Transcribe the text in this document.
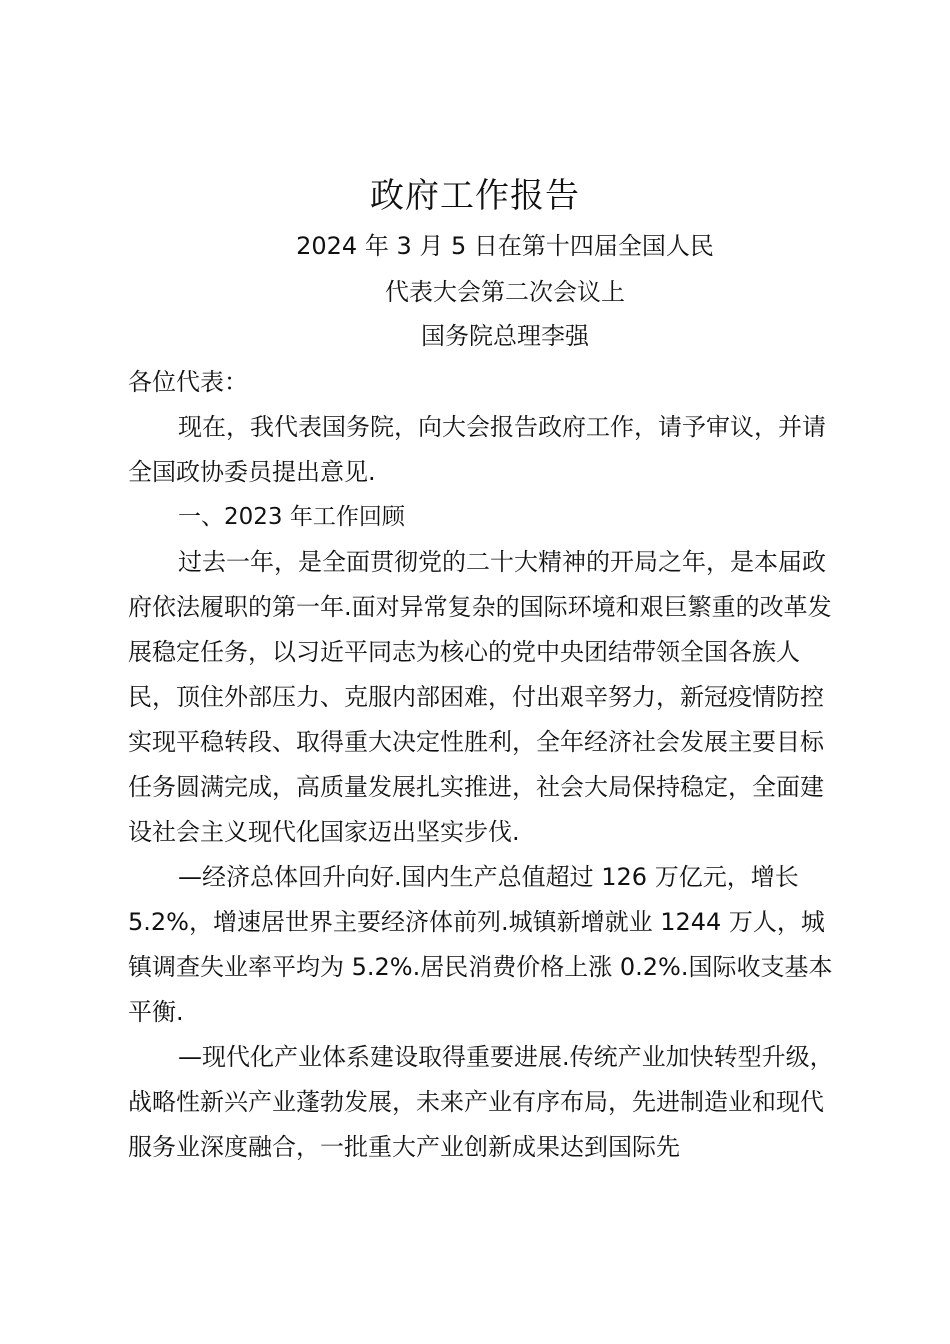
政府工作报告
2024 年 3 月 5 日在第十四届全国人民
代表大会第二次会议上
国务院总理李强

各位代表：

现在，我代表国务院，向大会报告政府工作，请予审议，并请全国政协委员提出意见.

一、2023 年工作回顾

过去一年，是全面贯彻党的二十大精神的开局之年，是本届政府依法履职的第一年.面对异常复杂的国际环境和艰巨繁重的改革发展稳定任务，以习近平同志为核心的党中央团结带领全国各族人民，顶住外部压力、克服内部困难，付出艰辛努力，新冠疫情防控实现平稳转段、取得重大决定性胜利，全年经济社会发展主要目标任务圆满完成，高质量发展扎实推进，社会大局保持稳定，全面建设社会主义现代化国家迈出坚实步伐.

—经济总体回升向好.国内生产总值超过 126 万亿元，增长 5.2%，增速居世界主要经济体前列.城镇新增就业 1244 万人，城镇调查失业率平均为 5.2%.居民消费价格上涨 0.2%.国际收支基本平衡.

—现代化产业体系建设取得重要进展.传统产业加快转型升级，战略性新兴产业蓬勃发展，未来产业有序布局，先进制造业和现代服务业深度融合，一批重大产业创新成果达到国际先
